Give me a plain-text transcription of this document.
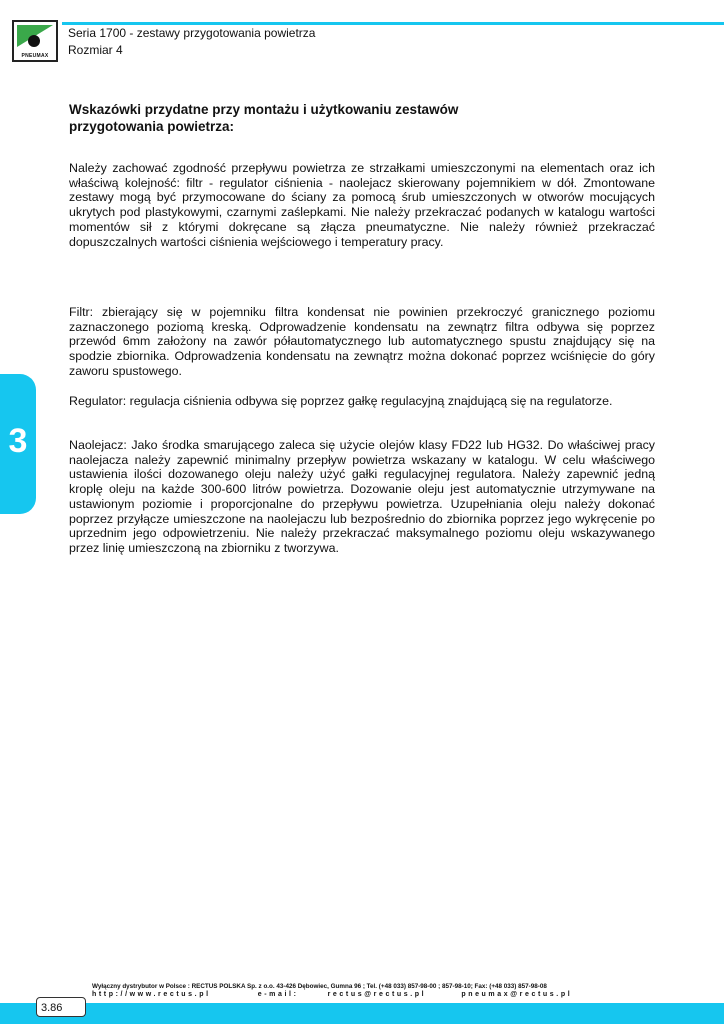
PNEUMAX
Seria 1700 - zestawy przygotowania powietrza
Rozmiar 4
3
Wskazówki przydatne przy montażu i użytkowaniu zestawów przygotowania powietrza:
Należy zachować zgodność przepływu powietrza ze strzałkami umieszczonymi na elementach oraz ich właściwą kolejność: filtr - regulator ciśnienia - naolejacz skierowany pojemnikiem w dół. Zmontowane zestawy mogą być przymocowane do ściany za pomocą śrub umieszczonych w otworów mocujących ukrytych pod plastykowymi, czarnymi zaślepkami. Nie należy przekraczać podanych w katalogu wartości momentów sił z którymi dokręcane są złącza pneumatyczne. Nie należy również przekraczać dopuszczalnych wartości ciśnienia wejściowego i temperatury pracy.
Filtr: zbierający się w pojemniku filtra kondensat nie powinien przekroczyć granicznego poziomu zaznaczonego poziomą kreską. Odprowadzenie kondensatu na zewnątrz filtra odbywa się poprzez przewód 6mm założony na zawór półautomatycznego lub automatycznego spustu znajdujący się na spodzie zbiornika. Odprowadzenia kondensatu na zewnątrz można dokonać poprzez wciśnięcie do góry zaworu spustowego.
Regulator: regulacja ciśnienia odbywa się poprzez gałkę regulacyjną znajdującą się na regulatorze.
Naolejacz: Jako środka smarującego zaleca się użycie olejów klasy FD22 lub HG32. Do właściwej pracy naolejacza należy zapewnić minimalny przepływ powietrza wskazany w katalogu. W celu właściwego ustawienia ilości dozowanego oleju należy użyć gałki regulacyjnej regulatora. Należy zapewnić jedną kroplę oleju na każde 300-600 litrów powietrza. Dozowanie oleju jest automatycznie utrzymywane na ustawionym poziomie i proporcjonalne do przepływu powietrza. Uzupełniania oleju należy dokonać poprzez przyłącze umieszczone na naolejaczu lub bezpośrednio do zbiornika poprzez jego wykręcenie po uprzednim jego odpowietrzeniu. Nie należy przekraczać maksymalnego poziomu oleju wskazywanego przez linię umieszczoną na zbiorniku z tworzywa.
Wyłączny dystrybutor w Polsce : RECTUS POLSKA Sp. z o.o. 43-426 Dębowiec, Gumna 96 ; Tel. (+48 033) 857-98-00 ; 857-98-10; Fax: (+48 033) 857-98-08
http://www.rectus.pl	e-mail:	rectus@rectus.pl	pneumax@rectus.pl
3.86
